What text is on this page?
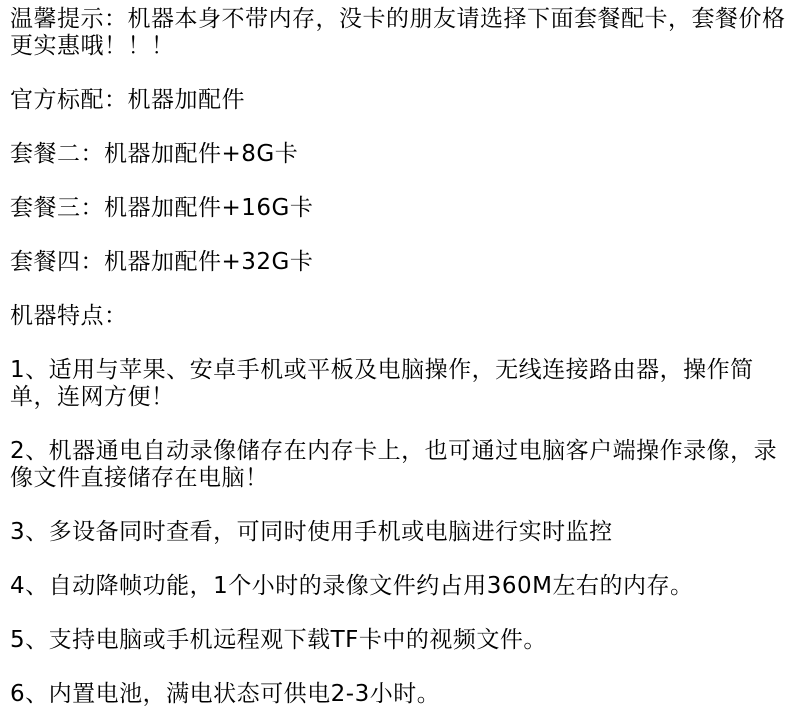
温馨提示：机器本身不带内存，没卡的朋友请选择下面套餐配卡，套餐价格更实惠哦！！！

官方标配：机器加配件

套餐二：机器加配件+8G卡

套餐三：机器加配件+16G卡

套餐四：机器加配件+32G卡

机器特点：

1、适用与苹果、安卓手机或平板及电脑操作，无线连接路由器，操作简单，连网方便！

2、机器通电自动录像储存在内存卡上，也可通过电脑客户端操作录像，录像文件直接储存在电脑！

3、多设备同时查看，可同时使用手机或电脑进行实时监控

4、自动降帧功能，1个小时的录像文件约占用360M左右的内存。

5、支持电脑或手机远程观下载TF卡中的视频文件。

6、内置电池，满电状态可供电2-3小时。
